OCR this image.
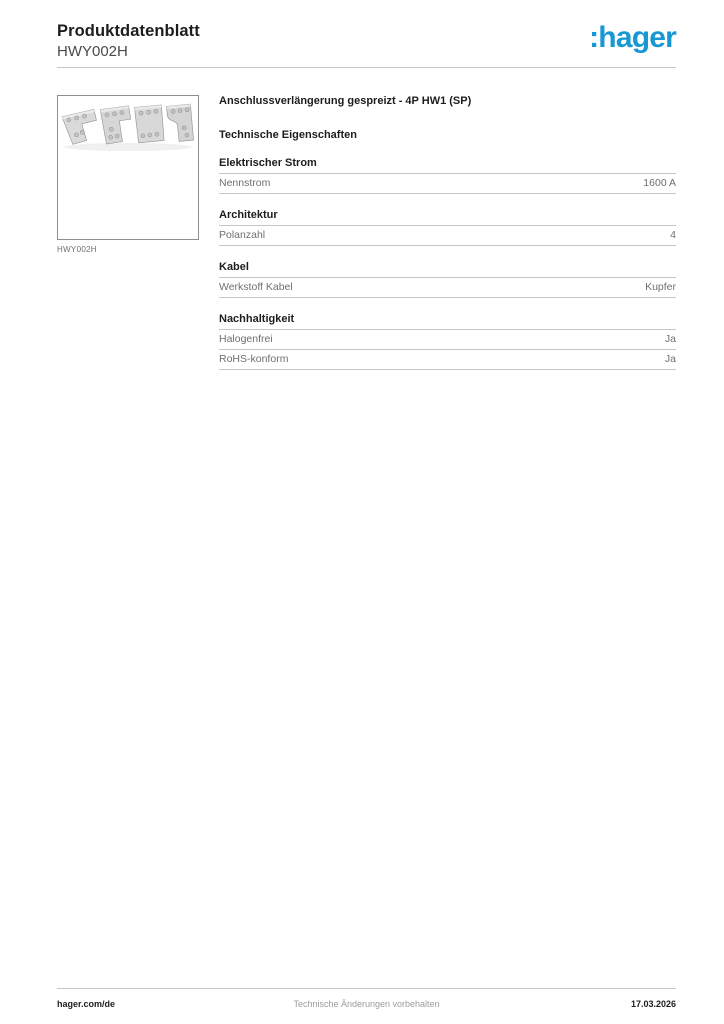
Produktdatenblatt
HWY002H	:hager
HWY002H
Anschlussverlängerung gespreizt - 4P HW1 (SP)
Technische Eigenschaften
Elektrischer Strom
Nennstrom	1600 A
Architektur
Polanzahl	4
Kabel
Werkstoff Kabel	Kupfer
Nachhaltigkeit
Halogenfrei	Ja
RoHS-konform	Ja
hager.com/de	Technische Änderungen vorbehalten	17.03.2026
